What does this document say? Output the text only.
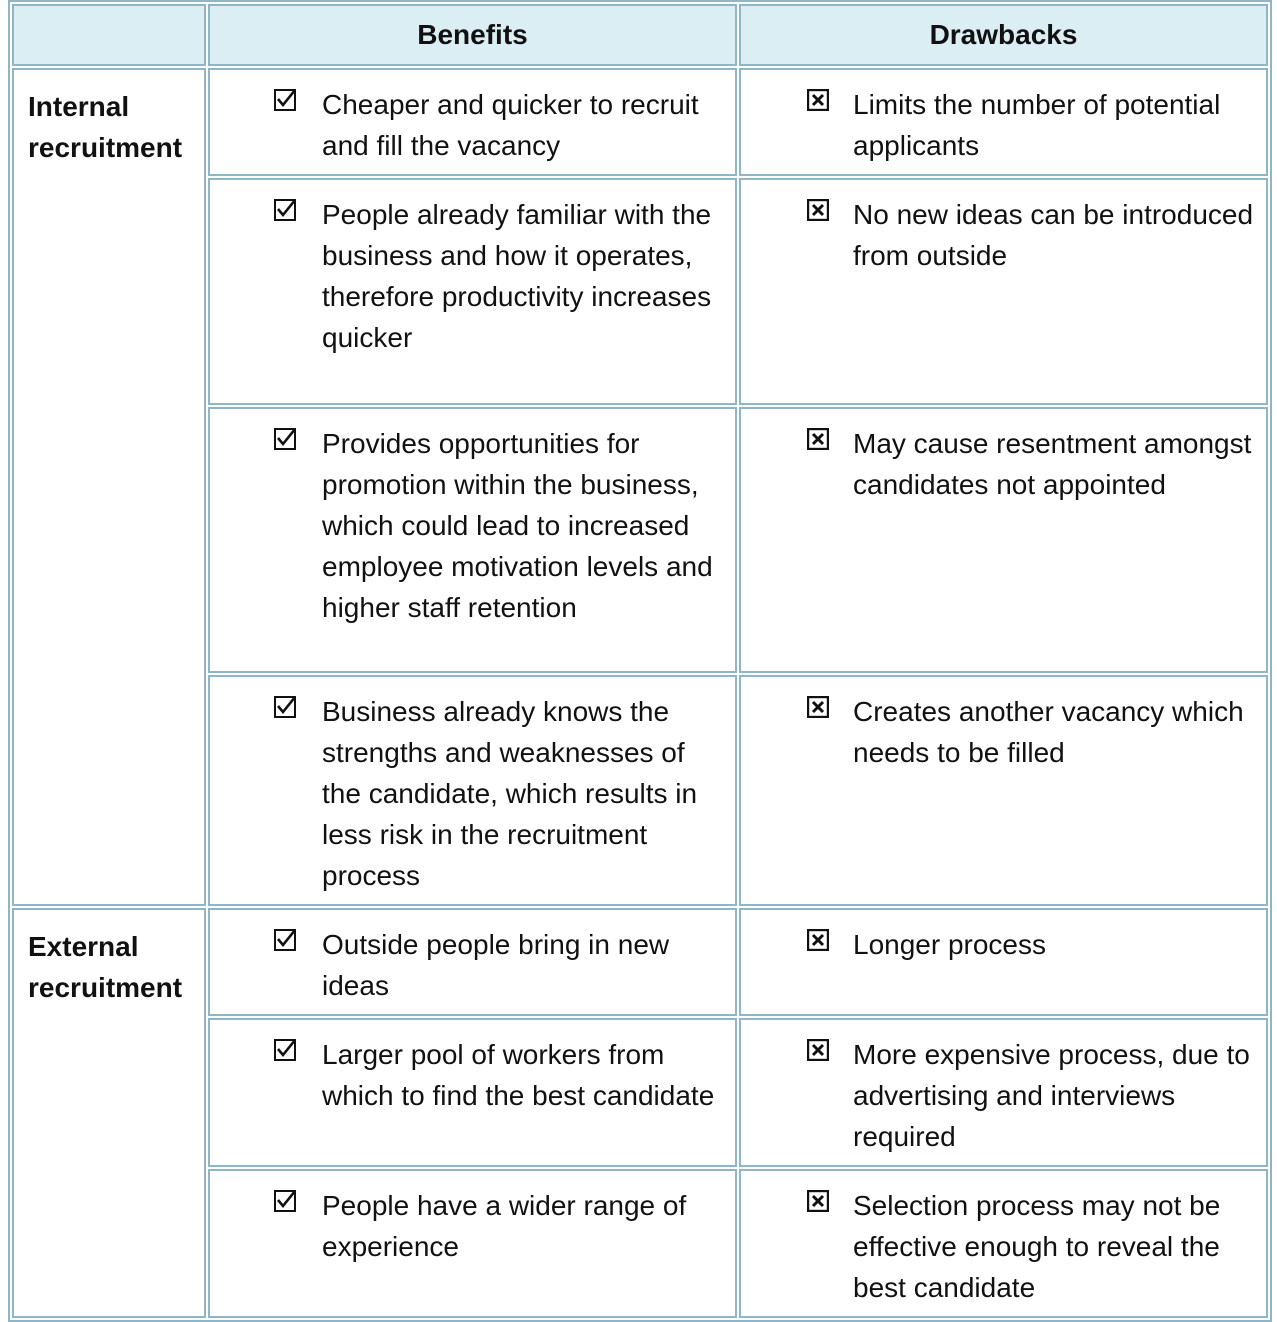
	Benefits	Drawbacks
Internal recruitment	Cheaper and quicker to recruit and fill the vacancy	Limits the number of potential applicants

	People already familiar with the business and how it operates, therefore productivity increases quicker	No new ideas can be introduced from outside

	Provides opportunities for promotion within the business, which could lead to increased employee motivation levels and higher staff retention	May cause resentment amongst candidates not appointed

	Business already knows the strengths and weaknesses of the candidate, which results in less risk in the recruitment process	Creates another vacancy which needs to be filled

External recruitment	Outside people bring in new ideas	Longer process

	Larger pool of workers from which to find the best candidate	More expensive process, due to advertising and interviews required

	People have a wider range of experience	Selection process may not be effective enough to reveal the best candidate
